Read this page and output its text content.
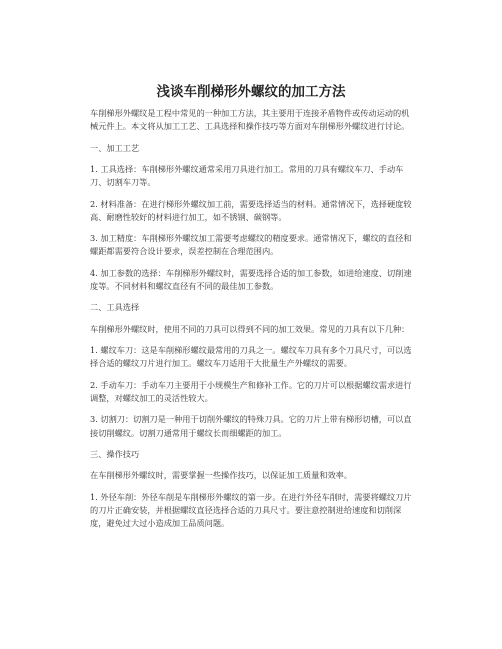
浅谈车削梯形外螺纹的加工方法

车削梯形外螺纹是工程中常见的一种加工方法，其主要用于连接矛盾物件或传动运动的机械元件上。本文将从加工工艺、工具选择和操作技巧等方面对车削梯形外螺纹进行讨论。

一、加工工艺

1. 工具选择：车削梯形外螺纹通常采用刀具进行加工。常用的刀具有螺纹车刀、手动车刀、切割车刀等。

2. 材料准备：在进行梯形外螺纹加工前，需要选择适当的材料。通常情况下，选择硬度较高、耐磨性较好的材料进行加工，如不锈钢、碳钢等。

3. 加工精度：车削梯形外螺纹加工需要考虑螺纹的精度要求。通常情况下，螺纹的直径和螺距都需要符合设计要求，误差控制在合理范围内。

4. 加工参数的选择：车削梯形外螺纹时，需要选择合适的加工参数，如进给速度、切削速度等。不同材料和螺纹直径有不同的最佳加工参数。

二、工具选择

车削梯形外螺纹时，使用不同的刀具可以得到不同的加工效果。常见的刀具有以下几种：

1. 螺纹车刀：这是车削梯形螺纹最常用的刀具之一。螺纹车刀具有多个刀具尺寸，可以选择合适的螺纹刀片进行加工。螺纹车刀适用于大批量生产外螺纹的需要。

2. 手动车刀：手动车刀主要用于小规模生产和修补工作。它的刀片可以根据螺纹需求进行调整，对螺纹加工的灵活性较大。

3. 切割刀：切割刀是一种用于切削外螺纹的特殊刀具。它的刀片上带有梯形切槽，可以直接切削螺纹。切割刀通常用于螺纹长而细螺距的加工。

三、操作技巧

在车削梯形外螺纹时，需要掌握一些操作技巧，以保证加工质量和效率。

1. 外径车削：外径车削是车削梯形外螺纹的第一步。在进行外径车削时，需要将螺纹刀片的刀片正确安装，并根据螺纹直径选择合适的刀具尺寸。要注意控制进给速度和切削深度，避免过大过小造成加工品质问题。
